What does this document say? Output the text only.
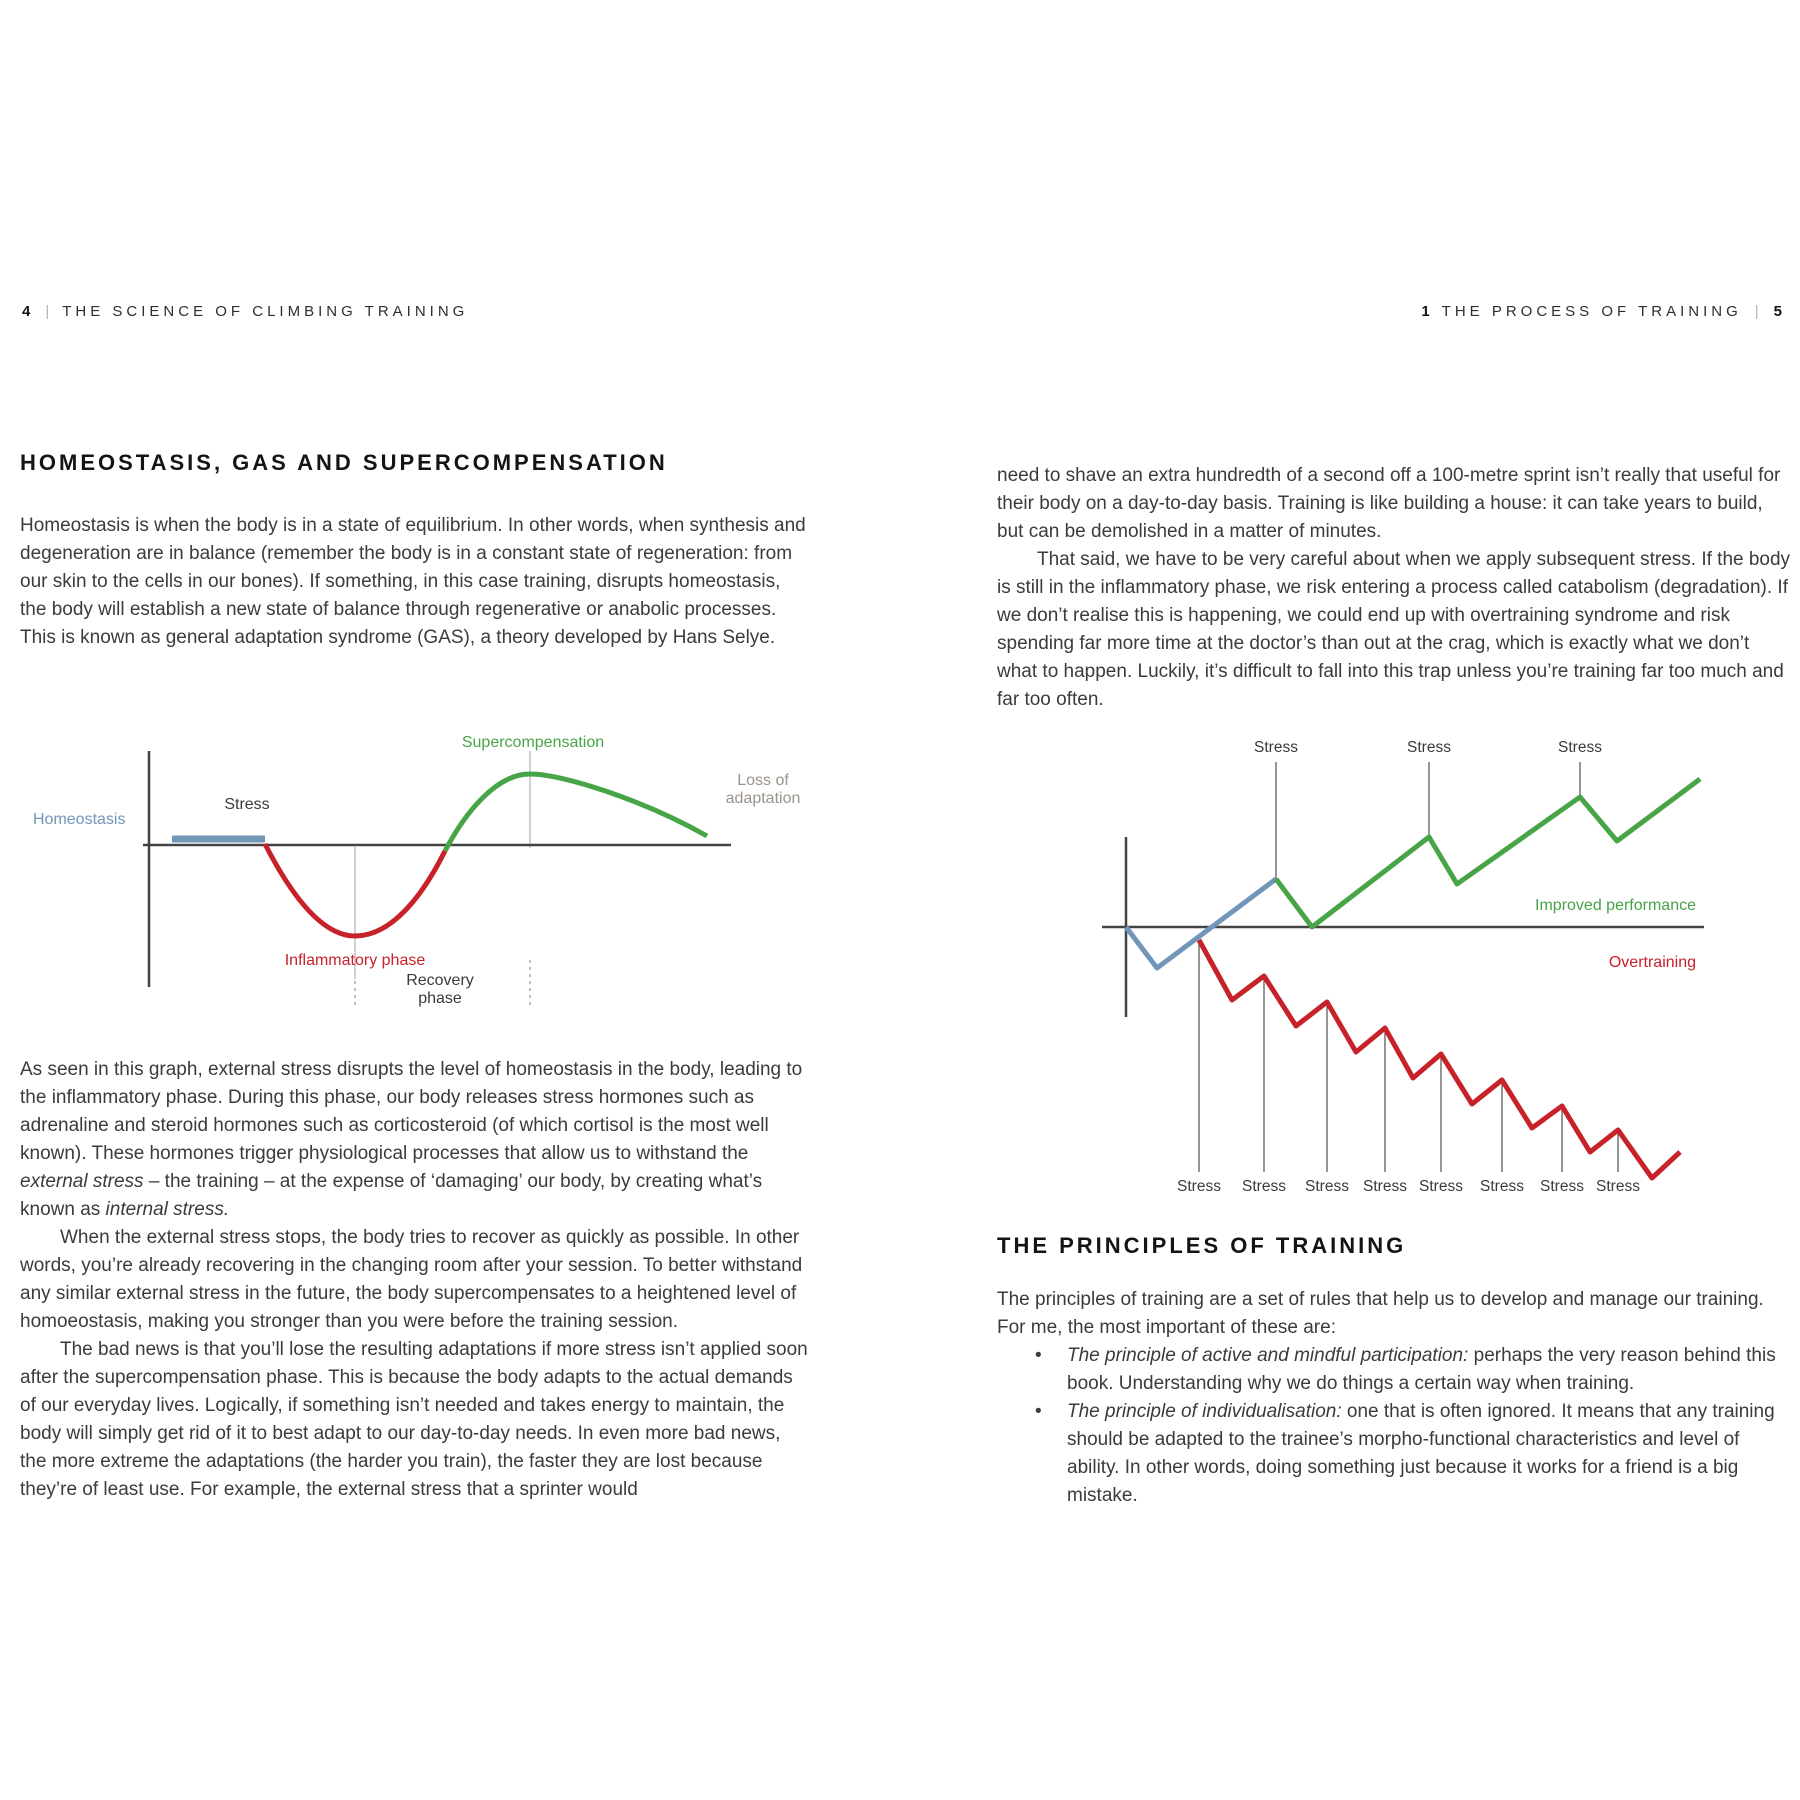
4 | THE SCIENCE OF CLIMBING TRAINING
HOMEOSTASIS, GAS AND SUPERCOMPENSATION

Homeostasis is when the body is in a state of equilibrium. In other words, when synthesis and degeneration are in balance (remember the body is in a constant state of regeneration: from our skin to the cells in our bones). If something, in this case training, disrupts homeostasis, the body will establish a new state of balance through regenerative or anabolic processes. This is known as general adaptation syndrome (GAS), a theory developed by Hans Selye.

Homeostasis
Stress
Supercompensation
Loss of
adaptation
Inflammatory phase
Recovery
phase

As seen in this graph, external stress disrupts the level of homeostasis in the body, leading to the inflammatory phase. During this phase, our body releases stress hormones such as adrenaline and steroid hormones such as corticosteroid (of which cortisol is the most well known). These hormones trigger physiological processes that allow us to withstand the external stress – the training – at the expense of ‘damaging’ our body, by creating what’s known as internal stress.

When the external stress stops, the body tries to recover as quickly as possible. In other words, you’re already recovering in the changing room after your session. To better withstand any similar external stress in the future, the body supercompensates to a heightened level of homoeostasis, making you stronger than you were before the training session.

The bad news is that you’ll lose the resulting adaptations if more stress isn’t applied soon after the supercompensation phase. This is because the body adapts to the actual demands of our everyday lives. Logically, if something isn’t needed and takes energy to maintain, the body will simply get rid of it to best adapt to our day-to-day needs. In even more bad news, the more extreme the adaptations (the harder you train), the faster they are lost because they’re of least use. For example, the external stress that a sprinter would

1 THE PROCESS OF TRAINING | 5

need to shave an extra hundredth of a second off a 100-metre sprint isn’t really that useful for their body on a day-to-day basis. Training is like building a house: it can take years to build, but can be demolished in a matter of minutes.

That said, we have to be very careful about when we apply subsequent stress. If the body is still in the inflammatory phase, we risk entering a process called catabolism (degradation). If we don’t realise this is happening, we could end up with overtraining syndrome and risk spending far more time at the doctor’s than out at the crag, which is exactly what we don’t what to happen. Luckily, it’s difficult to fall into this trap unless you’re training far too much and far too often.

Stress	Stress	Stress
Stress Stress Stress Stress Stress Stress Stress Stress
Improved performance
Overtraining
THE PRINCIPLES OF TRAINING

The principles of training are a set of rules that help us to develop and manage our training. For me, the most important of these are:

• The principle of active and mindful participation: perhaps the very reason behind this book. Understanding why we do things a certain way when training.
• The principle of individualisation: one that is often ignored. It means that any training should be adapted to the trainee’s morpho-functional characteristics and level of ability. In other words, doing something just because it works for a friend is a big mistake.
